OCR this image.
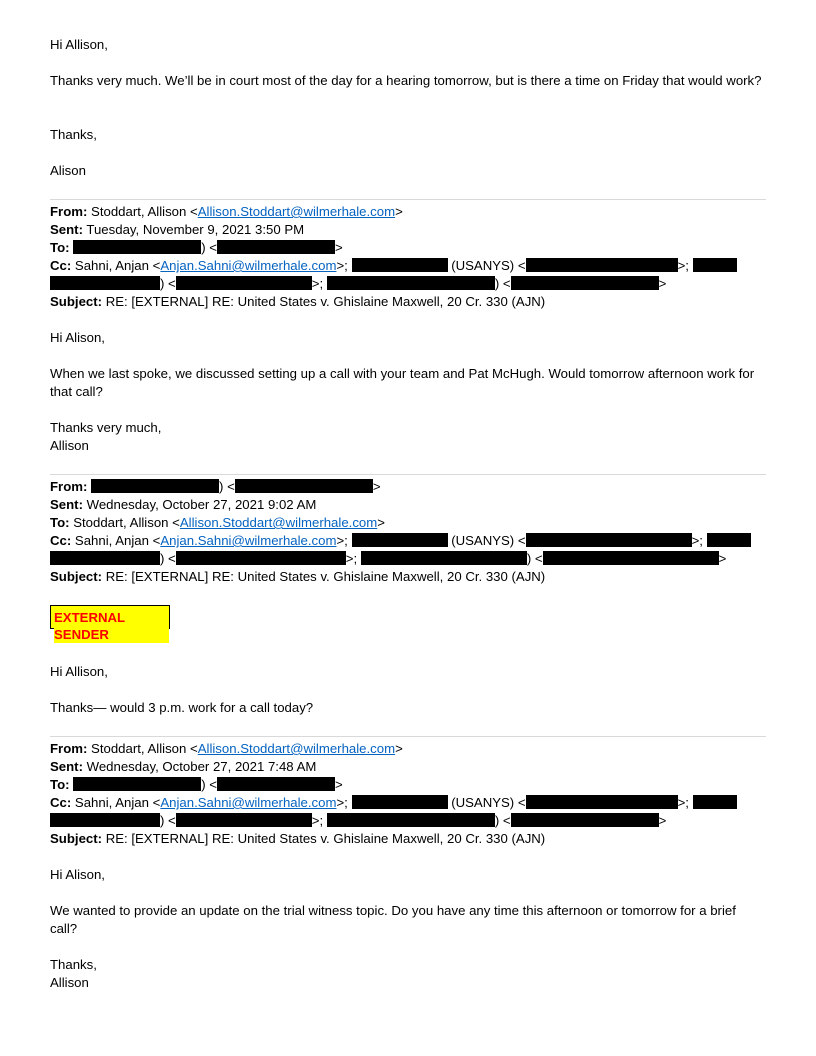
Hi Allison,
Thanks very much. We’ll be in court most of the day for a hearing tomorrow, but is there a time on Friday that would work?
Thanks,
Alison
From: Stoddart, Allison <Allison.Stoddart@wilmerhale.com>
Sent: Tuesday, November 9, 2021 3:50 PM
To:	) <	>
Cc: Sahni, Anjan <Anjan.Sahni@wilmerhale.com>;	(USANYS) <	>;
) <	>;	) <	>
Subject: RE: [EXTERNAL] RE: United States v. Ghislaine Maxwell, 20 Cr. 330 (AJN)
Hi Alison,
When we last spoke, we discussed setting up a call with your team and Pat McHugh. Would tomorrow afternoon work for that call?
Thanks very much,
Allison
From:	) <	>
Sent: Wednesday, October 27, 2021 9:02 AM
To: Stoddart, Allison <Allison.Stoddart@wilmerhale.com>
Cc: Sahni, Anjan <Anjan.Sahni@wilmerhale.com>;	(USANYS) <	>;
) <	>;	) <	>
Subject: RE: [EXTERNAL] RE: United States v. Ghislaine Maxwell, 20 Cr. 330 (AJN)
EXTERNAL SENDER
Hi Allison,
Thanks— would 3 p.m. work for a call today?
From: Stoddart, Allison <Allison.Stoddart@wilmerhale.com>
Sent: Wednesday, October 27, 2021 7:48 AM
To:	) <	>
Cc: Sahni, Anjan <Anjan.Sahni@wilmerhale.com>;	(USANYS) <	>;
) <	>;	) <	>
Subject: RE: [EXTERNAL] RE: United States v. Ghislaine Maxwell, 20 Cr. 330 (AJN)
Hi Alison,
We wanted to provide an update on the trial witness topic. Do you have any time this afternoon or tomorrow for a brief call?
Thanks,
Allison
